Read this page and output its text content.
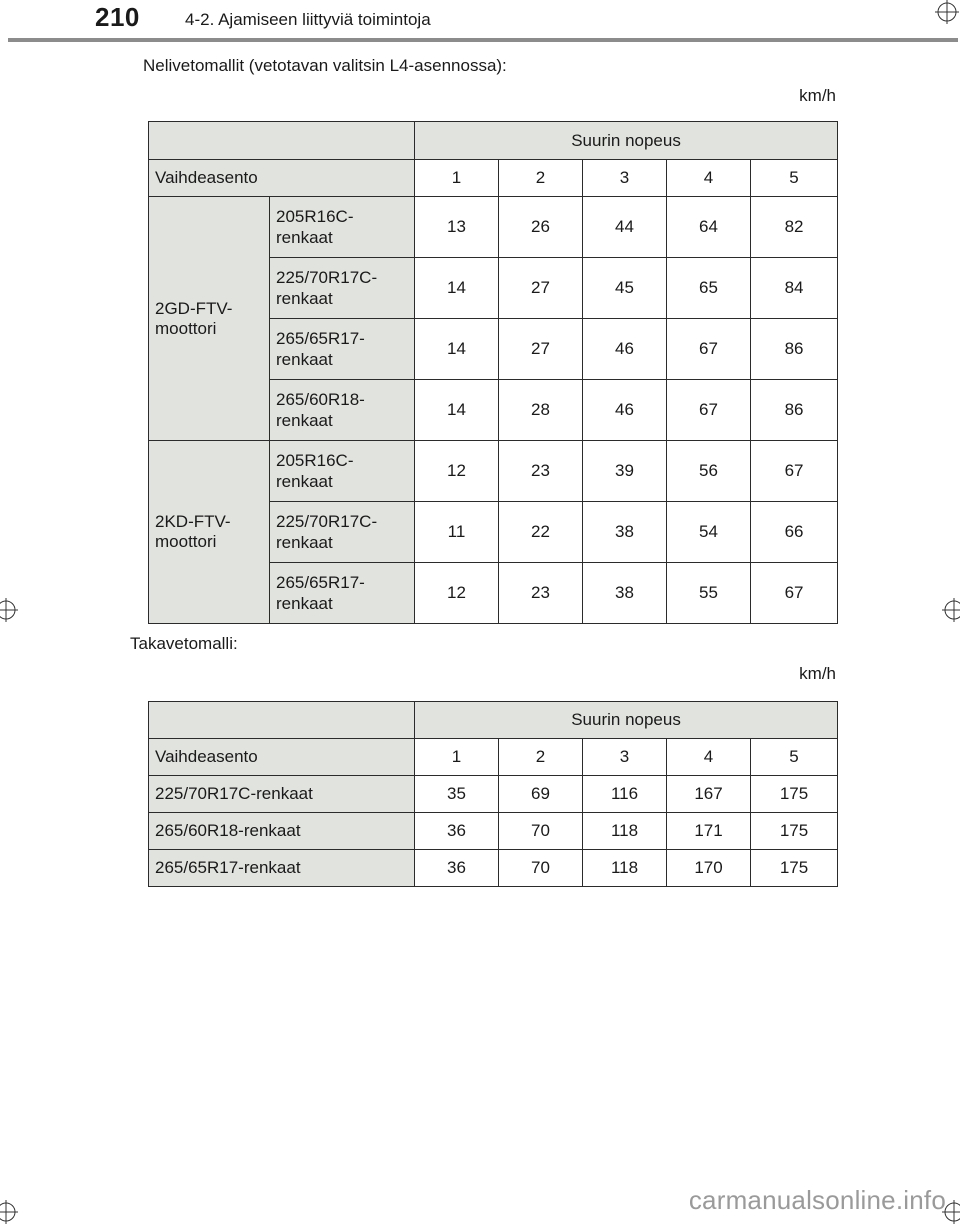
210	4-2. Ajamiseen liittyviä toimintoja
Nelivetomallit (vetotavan valitsin L4-asennossa):
km/h
		Suurin nopeus				
Vaihdeasento		1	2	3	4	5
2GD-FTV-
moottori	205R16C-
renkaat	13	26	44	64	82
	225/70R17C-
renkaat	14	27	45	65	84
	265/65R17-
renkaat	14	27	46	67	86
	265/60R18-
renkaat	14	28	46	67	86
2KD-FTV-
moottori	205R16C-
renkaat	12	23	39	56	67
	225/70R17C-
renkaat	11	22	38	54	66
	265/65R17-
renkaat	12	23	38	55	67
Takavetomalli:
km/h
	Suurin nopeus				
Vaihdeasento	1	2	3	4	5
225/70R17C-renkaat	35	69	116	167	175
265/60R18-renkaat	36	70	118	171	175
265/65R17-renkaat	36	70	118	170	175
carmanualsonline.info
